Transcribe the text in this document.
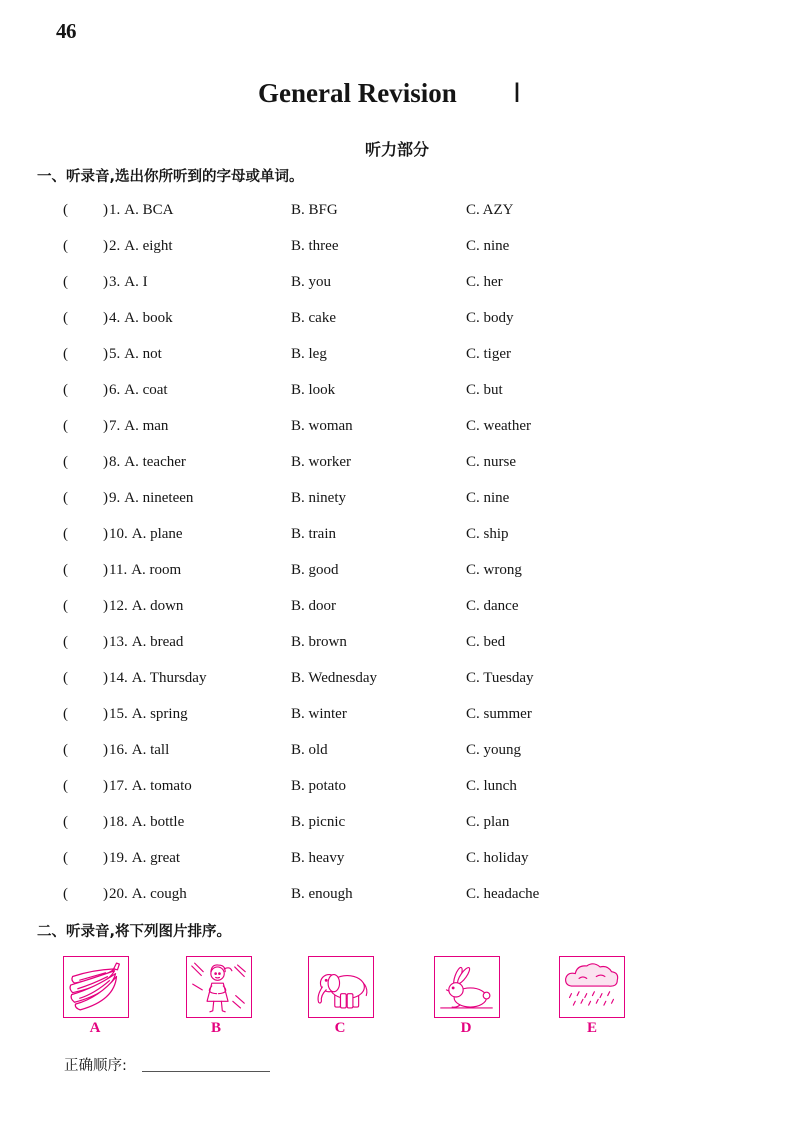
46
General Revision Ⅰ
听力部分
一、听录音,选出你所听到的字母或单词。
( )1. A. BCA	B. BFG	C. AZY
( )2. A. eight	B. three	C. nine
( )3. A. I	B. you	C. her
( )4. A. book	B. cake	C. body
( )5. A. not	B. leg	C. tiger
( )6. A. coat	B. look	C. but
( )7. A. man	B. woman	C. weather
( )8. A. teacher	B. worker	C. nurse
( )9. A. nineteen	B. ninety	C. nine
( )10. A. plane	B. train	C. ship
( )11. A. room	B. good	C. wrong
( )12. A. down	B. door	C. dance
( )13. A. bread	B. brown	C. bed
( )14. A. Thursday	B. Wednesday	C. Tuesday
( )15. A. spring	B. winter	C. summer
( )16. A. tall	B. old	C. young
( )17. A. tomato	B. potato	C. lunch
( )18. A. bottle	B. picnic	C. plan
( )19. A. great	B. heavy	C. holiday
( )20. A. cough	B. enough	C. headache
二、听录音,将下列图片排序。
A	B	C	D	E
正确顺序:
